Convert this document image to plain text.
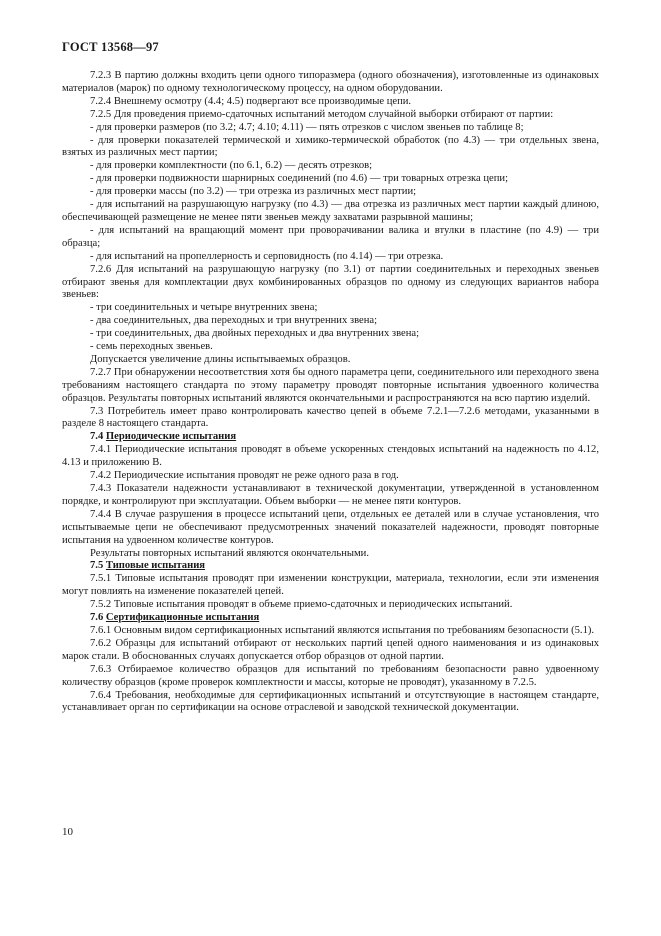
ГОСТ 13568—97

7.2.3 В партию должны входить цепи одного типоразмера (одного обозначения), изготовленные из одинаковых материалов (марок) по одному технологическому процессу, на одном оборудовании.

7.2.4 Внешнему осмотру (4.4; 4.5) подвергают все производимые цепи.

7.2.5 Для проведения приемо-сдаточных испытаний методом случайной выборки отбирают от партии:

- для проверки размеров (по 3.2; 4.7; 4.10; 4.11) — пять отрезков с числом звеньев по таблице 8;

- для проверки показателей термической и химико-термической обработок (по 4.3) — три отдельных звена, взятых из различных мест партии;

- для проверки комплектности (по 6.1, 6.2) — десять отрезков;

- для проверки подвижности шарнирных соединений (по 4.6) — три товарных отрезка цепи;

- для проверки массы (по 3.2) — три отрезка из различных мест партии;

- для испытаний на разрушающую нагрузку (по 4.3) — два отрезка из различных мест партии каждый длиною, обеспечивающей размещение не менее пяти звеньев между захватами разрывной машины;

- для испытаний на вращающий момент при проворачивании валика и втулки в пластине (по 4.9) — три образца;

- для испытаний на пропеллерность и серповидность (по 4.14) — три отрезка.

7.2.6 Для испытаний на разрушающую нагрузку (по 3.1) от партии соединительных и переходных звеньев отбирают звенья для комплектации двух комбинированных образцов по одному из следующих вариантов набора звеньев:

- три соединительных и четыре внутренних звена;

- два соединительных, два переходных и три внутренних звена;

- три соединительных, два двойных переходных и два внутренних звена;

- семь переходных звеньев.

Допускается увеличение длины испытываемых образцов.

7.2.7 При обнаружении несоответствия хотя бы одного параметра цепи, соединительного или переходного звена требованиям настоящего стандарта по этому параметру проводят повторные испытания удвоенного количества образцов. Результаты повторных испытаний являются окончательными и распространяются на всю партию изделий.

7.3 Потребитель имеет право контролировать качество цепей в объеме 7.2.1—7.2.6 методами, указанными в разделе 8 настоящего стандарта.

7.4 Периодические испытания

7.4.1 Периодические испытания проводят в объеме ускоренных стендовых испытаний на надежность по 4.12, 4.13 и приложению В.

7.4.2 Периодические испытания проводят не реже одного раза в год.

7.4.3 Показатели надежности устанавливают в технической документации, утвержденной в установленном порядке, и контролируют при эксплуатации. Объем выборки — не менее пяти контуров.

7.4.4 В случае разрушения в процессе испытаний цепи, отдельных ее деталей или в случае установления, что испытываемые цепи не обеспечивают предусмотренных значений показателей надежности, проводят повторные испытания на удвоенном количестве контуров.

Результаты повторных испытаний являются окончательными.

7.5 Типовые испытания

7.5.1 Типовые испытания проводят при изменении конструкции, материала, технологии, если эти изменения могут повлиять на изменение показателей цепей.

7.5.2 Типовые испытания проводят в объеме приемо-сдаточных и периодических испытаний.

7.6 Сертификационные испытания

7.6.1 Основным видом сертификационных испытаний являются испытания по требованиям безопасности (5.1).

7.6.2 Образцы для испытаний отбирают от нескольких партий цепей одного наименования и из одинаковых марок стали. В обоснованных случаях допускается отбор образцов от одной партии.

7.6.3 Отбираемое количество образцов для испытаний по требованиям безопасности равно удвоенному количеству образцов (кроме проверок комплектности и массы, которые не проводят), указанному в 7.2.5.

7.6.4 Требования, необходимые для сертификационных испытаний и отсутствующие в настоящем стандарте, устанавливает орган по сертификации на основе отраслевой и заводской технической документации.

10
